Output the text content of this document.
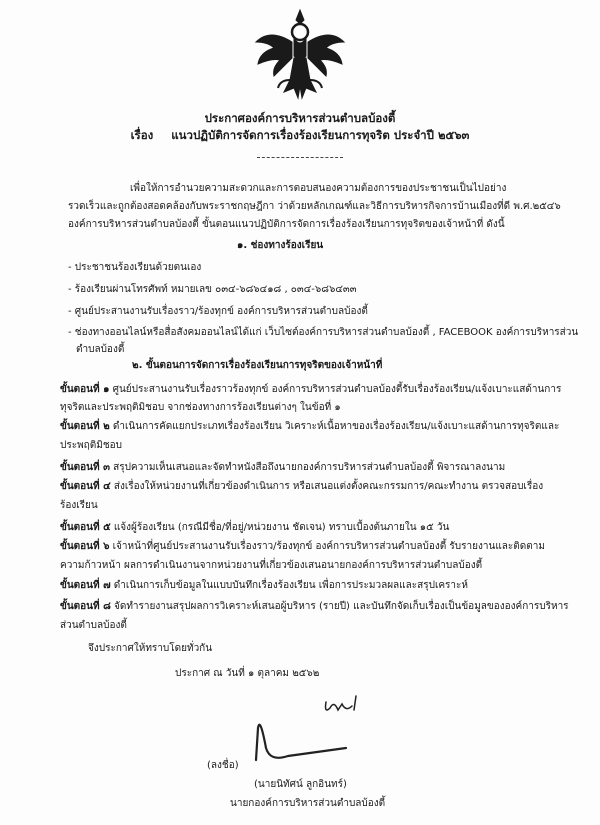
ประกาศองค์การบริหารส่วนตำบลบ้องตี้
เรื่อง แนวปฏิบัติการจัดการเรื่องร้องเรียนการทุจริต ประจำปี ๒๕๖๓
เพื่อให้การอำนวยความสะดวกและการตอบสนองความต้องการของประชาชนเป็นไปอย่าง
รวดเร็วและถูกต้องสอดคล้องกับพระราชกฤษฎีกา ว่าด้วยหลักเกณฑ์และวิธีการบริหารกิจการบ้านเมืองที่ดี พ.ศ.๒๕๔๖
องค์การบริหารส่วนตำบลบ้องตี้ ขั้นตอนแนวปฏิบัติการจัดการเรื่องร้องเรียนการทุจริตของเจ้าหน้าที่ ดังนี้
๑. ช่องทางร้องเรียน
- ประชาชนร้องเรียนด้วยตนเอง
- ร้องเรียนผ่านโทรศัพท์ หมายเลข ๐๓๔-๖๘๖๔๑๘ , ๐๓๔-๖๘๖๔๓๓
- ศูนย์ประสานงานรับเรื่องราว/ร้องทุกข์ องค์การบริหารส่วนตำบลบ้องตี้
- ช่องทางออนไลน์หรือสื่อสังคมออนไลน์ได้แก่ เว็บไซต์องค์การบริหารส่วนตำบลบ้องตี้ , FACEBOOK องค์การบริหารส่วน
ตำบลบ้องตี้
๒. ขั้นตอนการจัดการเรื่องร้องเรียนการทุจริตของเจ้าหน้าที่
ขั้นตอนที่ ๑ ศูนย์ประสานงานรับเรื่องราวร้องทุกข์ องค์การบริหารส่วนตำบลบ้องตี้รับเรื่องร้องเรียน/แจ้งเบาะแสด้านการ
ทุจริตและประพฤติมิชอบ จากช่องทางการร้องเรียนต่างๆ ในข้อที่ ๑
ขั้นตอนที่ ๒ ดำเนินการคัดแยกประเภทเรื่องร้องเรียน วิเคราะห์เนื้อหาของเรื่องร้องเรียน/แจ้งเบาะแสด้านการทุจริตและ
ประพฤติมิชอบ
ขั้นตอนที่ ๓ สรุปความเห็นเสนอและจัดทำหนังสือถึงนายกองค์การบริหารส่วนตำบลบ้องตี้ พิจารณาลงนาม
ขั้นตอนที่ ๔ ส่งเรื่องให้หน่วยงานที่เกี่ยวข้องดำเนินการ หรือเสนอแต่งตั้งคณะกรรมการ/คณะทำงาน ตรวจสอบเรื่อง
ร้องเรียน
ขั้นตอนที่ ๕ แจ้งผู้ร้องเรียน (กรณีมีชื่อ/ที่อยู่/หน่วยงาน ชัดเจน) ทราบเบื้องต้นภายใน ๑๕ วัน
ขั้นตอนที่ ๖ เจ้าหน้าที่ศูนย์ประสานงานรับเรื่องราว/ร้องทุกข์ องค์การบริหารส่วนตำบลบ้องตี้ รับรายงานและติดตาม
ความก้าวหน้า ผลการดำเนินงานจากหน่วยงานที่เกี่ยวข้องเสนอนายกองค์การบริหารส่วนตำบลบ้องตี้
ขั้นตอนที่ ๗ ดำเนินการเก็บข้อมูลในแบบบันทึกเรื่องร้องเรียน เพื่อการประมวลผลและสรุปเคราะห์
ขั้นตอนที่ ๘ จัดทำรายงานสรุปผลการวิเคราะห์เสนอผู้บริหาร (รายปี) และบันทึกจัดเก็บเรื่องเป็นข้อมูลขององค์การบริหาร
ส่วนตำบลบ้องตี้
จึงประกาศให้ทราบโดยทั่วกัน
ประกาศ ณ วันที่ ๑ ตุลาคม ๒๕๖๒
(ลงชื่อ)
(นายนิทัศน์ ลูกอินทร์)
นายกองค์การบริหารส่วนตำบลบ้องตี้
